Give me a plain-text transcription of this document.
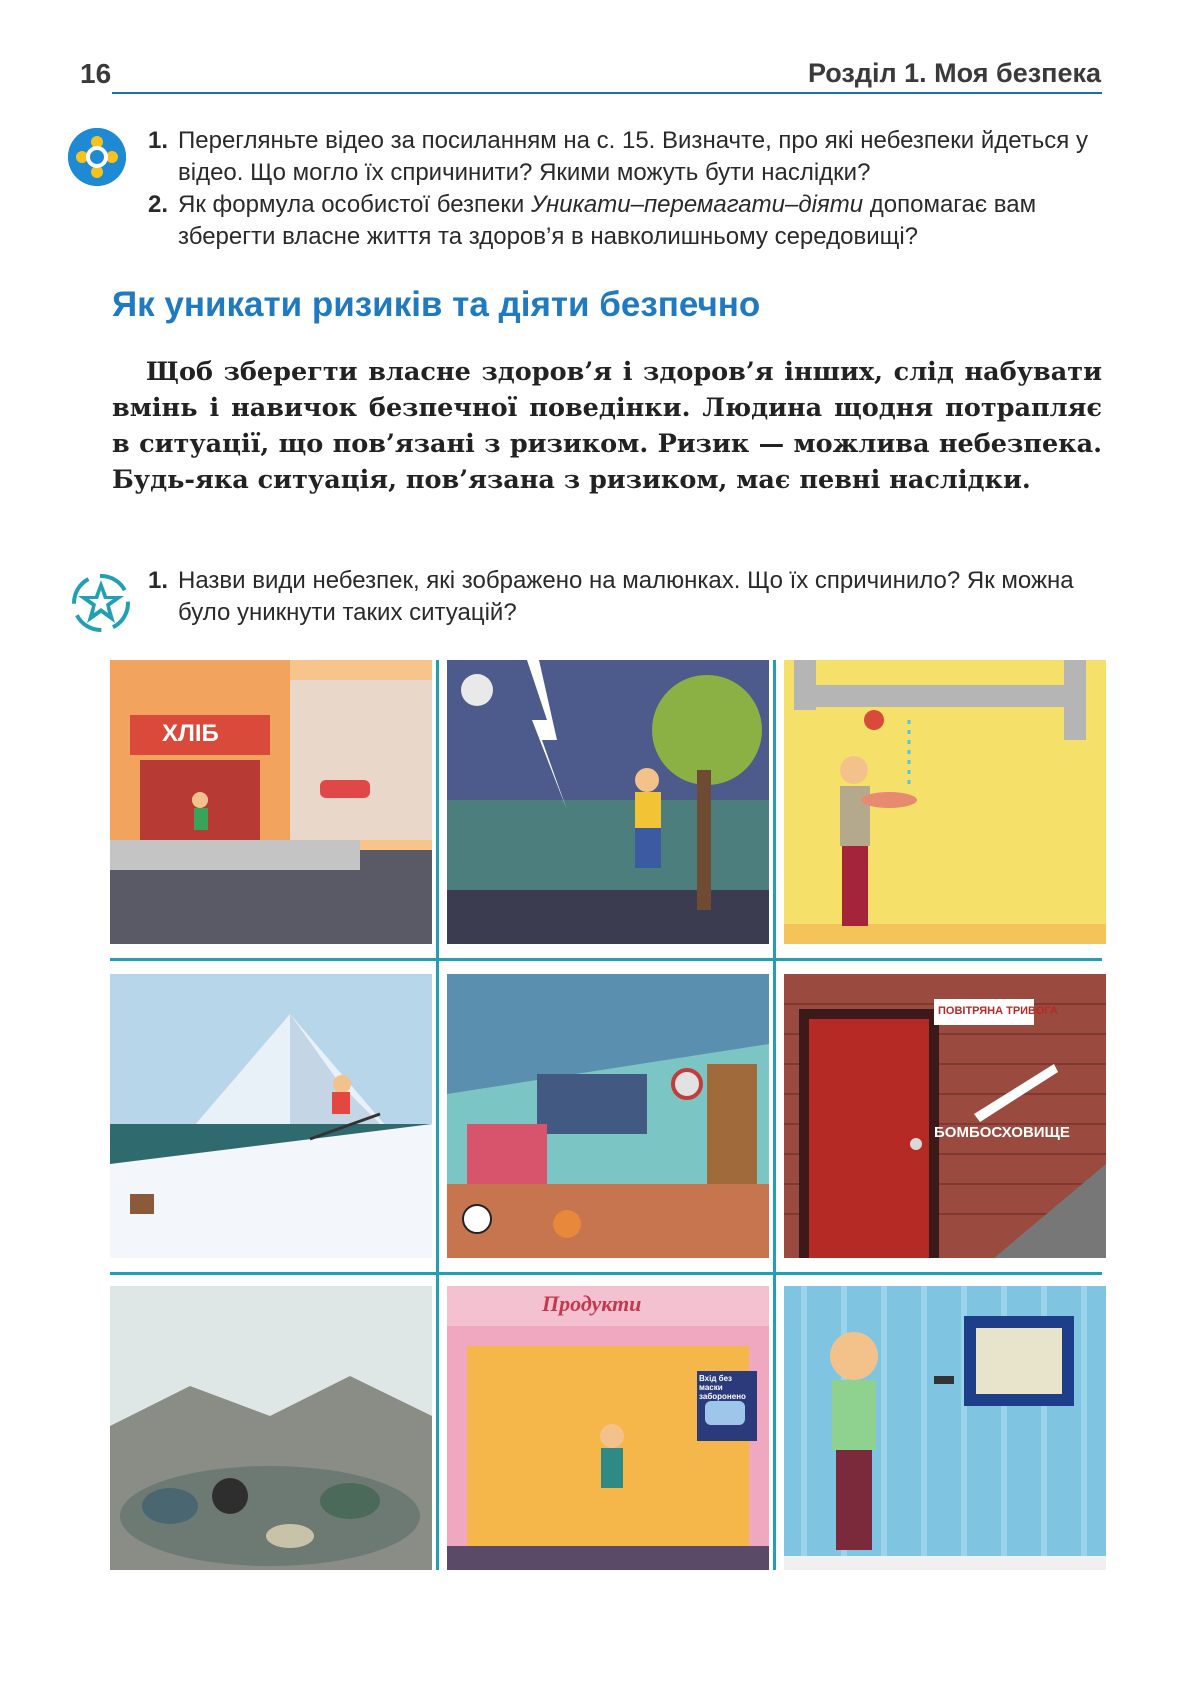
16	Розділ 1. Моя безпека
1. Перегляньте відео за посиланням на с. 15. Визначте, про які небезпеки йдеться у відео. Що могло їх спричинити? Якими можуть бути наслідки?
2. Як формула особистої безпеки Уникати–перемагати–діяти допомагає вам зберегти власне життя та здоров’я в навколишньому середовищі?
Як уникати ризиків та діяти безпечно

Щоб зберегти власне здоров’я і здоров’я інших, слід набувати вмінь і навичок безпечної поведінки. Людина щодня потрапляє в ситуації, що пов’язані з ризиком. Ризик — можлива небезпека. Будь-яка ситуація, пов’язана з ризиком, має певні наслідки.

1. Назви види небезпек, які зображено на малюнках. Що їх спричинило? Як можна було уникнути таких ситуацій?
ХЛІБ
ПОВІТРЯНА ТРИВОГА
БОМБОСХОВИЩЕ
Продукти
Вхід без маски заборонено
